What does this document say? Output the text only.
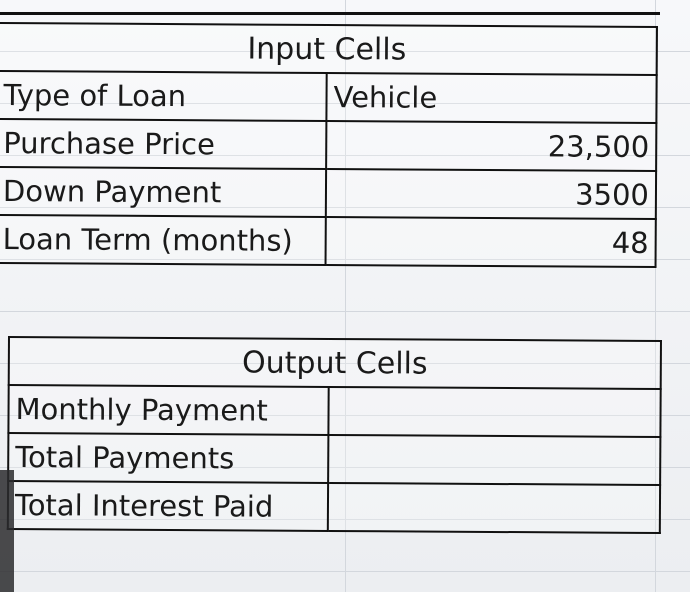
Input Cells	
Type of Loan	Vehicle
Purchase Price	23,500
Down Payment	3500
Loan Term (months)	48
Output Cells	
Monthly Payment	
Total Payments	
Total Interest Paid	
